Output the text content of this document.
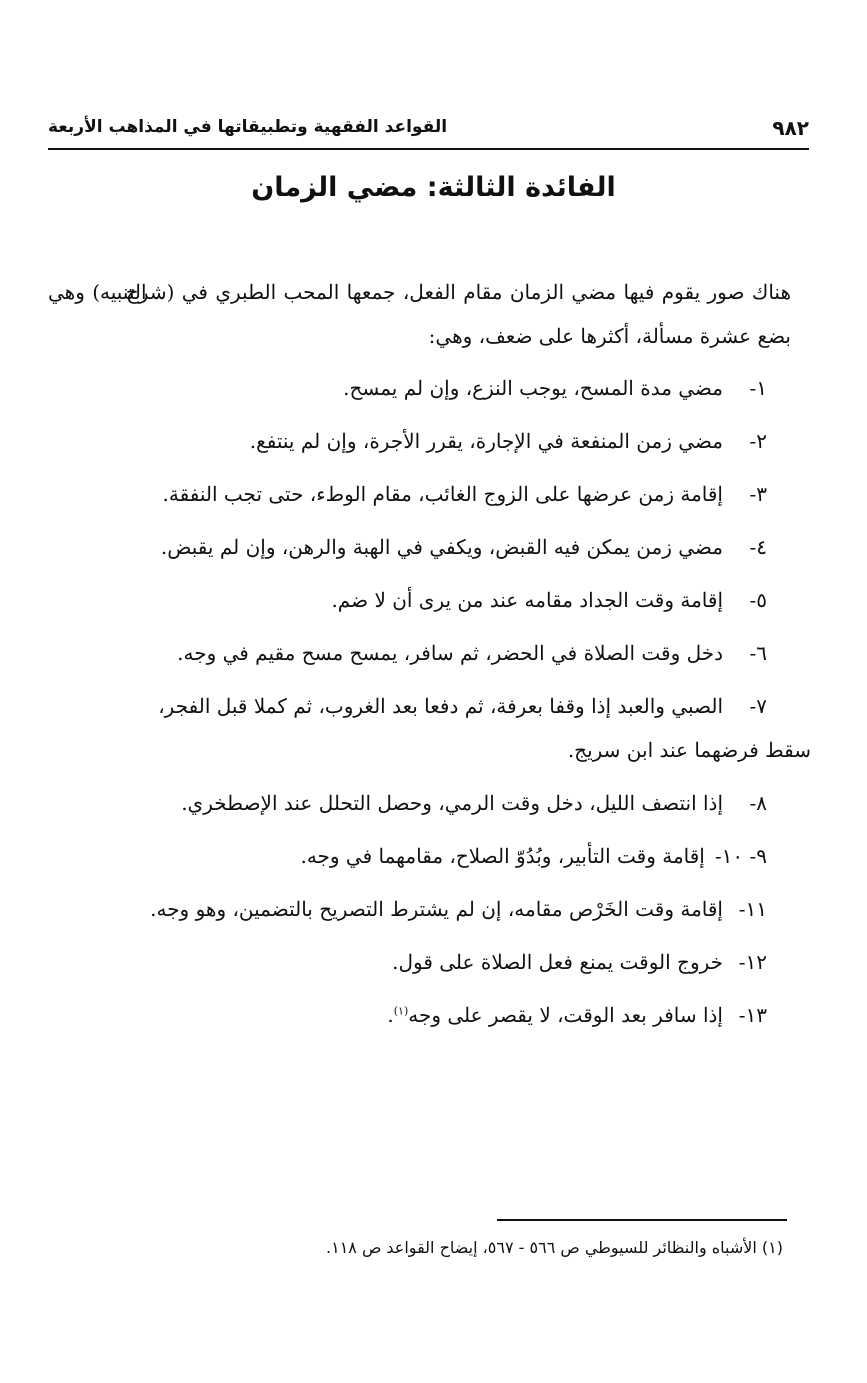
٩٨٢
القواعد الفقهية وتطبيقاتها في المذاهب الأربعة
الفائدة الثالثة: مضي الزمان
هناك صور يقوم فيها مضي الزمان مقام الفعل، جمعها المحب الطبري في (شرح التنبيه) وهي بضع عشرة مسألة، أكثرها على ضعف، وهي:
١-مضي مدة المسح، يوجب النزع، وإن لم يمسح.
٢-مضي زمن المنفعة في الإجارة، يقرر الأجرة، وإن لم ينتفع.
٣-إقامة زمن عرضها على الزوج الغائب، مقام الوطء، حتى تجب النفقة.
٤-مضي زمن يمكن فيه القبض، ويكفي في الهبة والرهن، وإن لم يقبض.
٥-إقامة وقت الجداد مقامه عند من يرى أن لا ضم.
٦-دخل وقت الصلاة في الحضر، ثم سافر، يمسح مسح مقيم في وجه.
٧-الصبي والعبد إذا وقفا بعرفة، ثم دفعا بعد الغروب، ثم كملا قبل الفجر،
سقط فرضهما عند ابن سريج.
٨-إذا انتصف الليل، دخل وقت الرمي، وحصل التحلل عند الإصطخري.
٩- ١٠-إقامة وقت التأبير، وبُدُوّ الصلاح، مقامهما في وجه.
١١-إقامة وقت الخَرْص مقامه، إن لم يشترط التصريح بالتضمين، وهو وجه.
١٢-خروج الوقت يمنع فعل الصلاة على قول.
١٣-إذا سافر بعد الوقت، لا يقصر على وجه$^{(١)}$.
(١) الأشباه والنظائر للسيوطي ص ٥٦٦ - ٥٦٧، إيضاح القواعد ص ١١٨.
